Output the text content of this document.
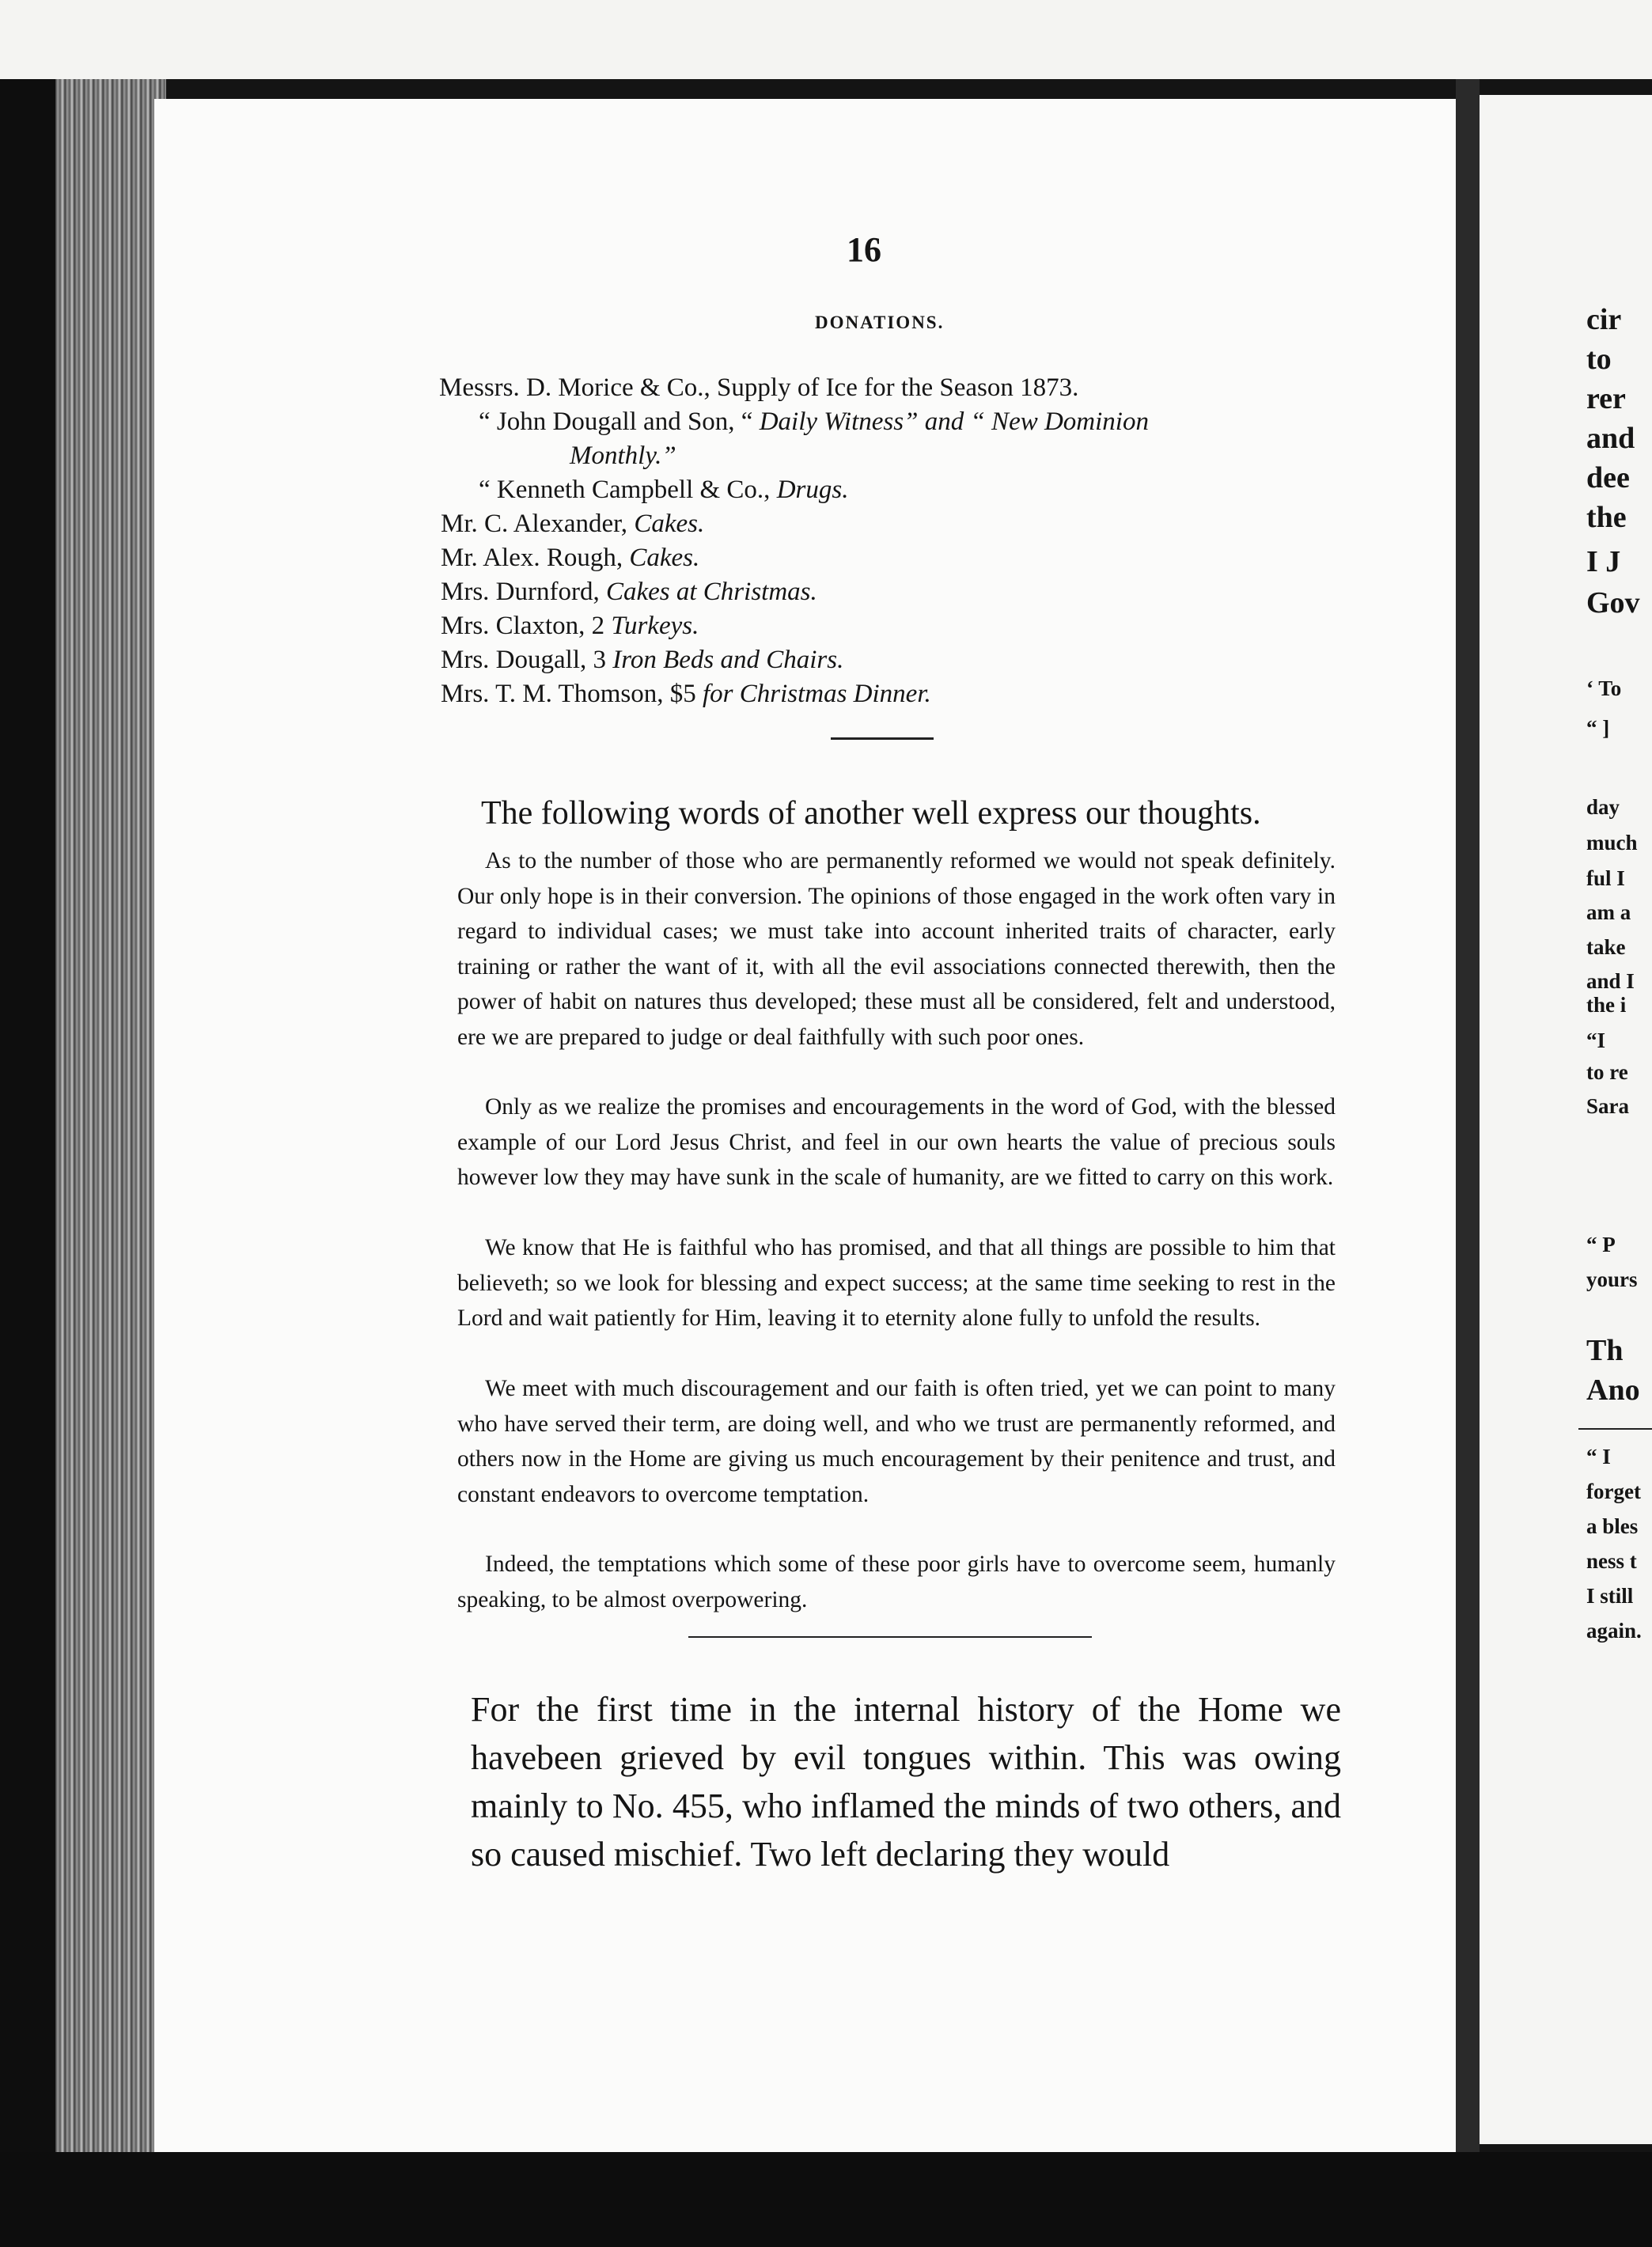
16
DONATIONS.
Messrs. D. Morice & Co., Supply of Ice for the Season 1873.
“ John Dougall and Son, “ Daily Witness” and “ New Dominion
Monthly.”
“ Kenneth Campbell & Co., Drugs.
Mr. C. Alexander, Cakes.
Mr. Alex. Rough, Cakes.
Mrs. Durnford, Cakes at Christmas.
Mrs. Claxton, 2 Turkeys.
Mrs. Dougall, 3 Iron Beds and Chairs.
Mrs. T. M. Thomson, $5 for Christmas Dinner.
The following words of another well express our thoughts.
As to the number of those who are permanently reformed we would not speak definitely. Our only hope is in their conversion. The opinions of those engaged in the work often vary in regard to individual cases; we must take into account inherited traits of character, early training or rather the want of it, with all the evil associations connected therewith, then the power of habit on natures thus developed; these must all be considered, felt and understood, ere we are prepared to judge or deal faithfully with such poor ones.
Only as we realize the promises and encouragements in the word of God, with the blessed example of our Lord Jesus Christ, and feel in our own hearts the value of precious souls however low they may have sunk in the scale of humanity, are we fitted to carry on this work.
We know that He is faithful who has promised, and that all things are possible to him that believeth; so we look for blessing and expect success; at the same time seeking to rest in the Lord and wait patiently for Him, leaving it to eternity alone fully to unfold the results.
We meet with much discouragement and our faith is often tried, yet we can point to many who have served their term, are doing well, and who we trust are permanently reformed, and others now in the Home are giving us much encouragement by their penitence and trust, and constant endeavors to overcome temptation.
Indeed, the temptations which some of these poor girls have to overcome seem, humanly speaking, to be almost overpowering.
For the first time in the internal history of the Home we havebeen grieved by evil tongues within. This was owing mainly to No. 455, who inflamed the minds of two others, and so caused mischief. Two left declaring they would
cir
to
rer
and
dee
the
I J
Gov
‘ To
“ ]
day
much
ful I
am a
take
and I
the i
“I
to re
Sara
“ P
yours
Th
Ano
“ I
forget
a bles
ness t
I still
again.
